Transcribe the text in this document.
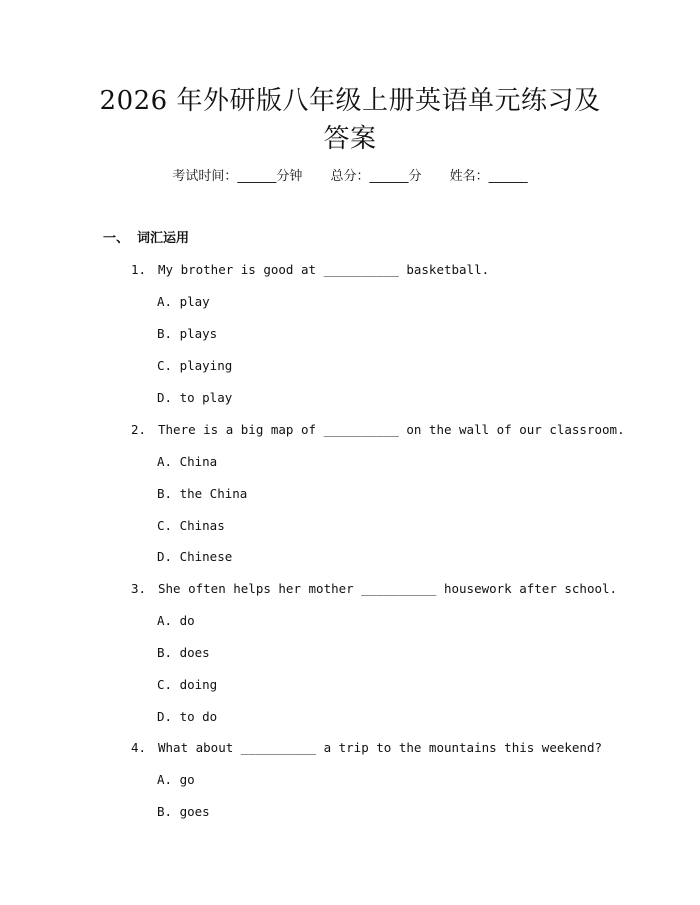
2026 年外研版八年级上册英语单元练习及答案
考试时间：______分钟 总分：______分 姓名：______
一、 词汇运用
1. My brother is good at __________ basketball.
A. play
B. plays
C. playing
D. to play
2. There is a big map of __________ on the wall of our classroom.
A. China
B. the China
C. Chinas
D. Chinese
3. She often helps her mother __________ housework after school.
A. do
B. does
C. doing
D. to do
4. What about __________ a trip to the mountains this weekend?
A. go
B. goes
